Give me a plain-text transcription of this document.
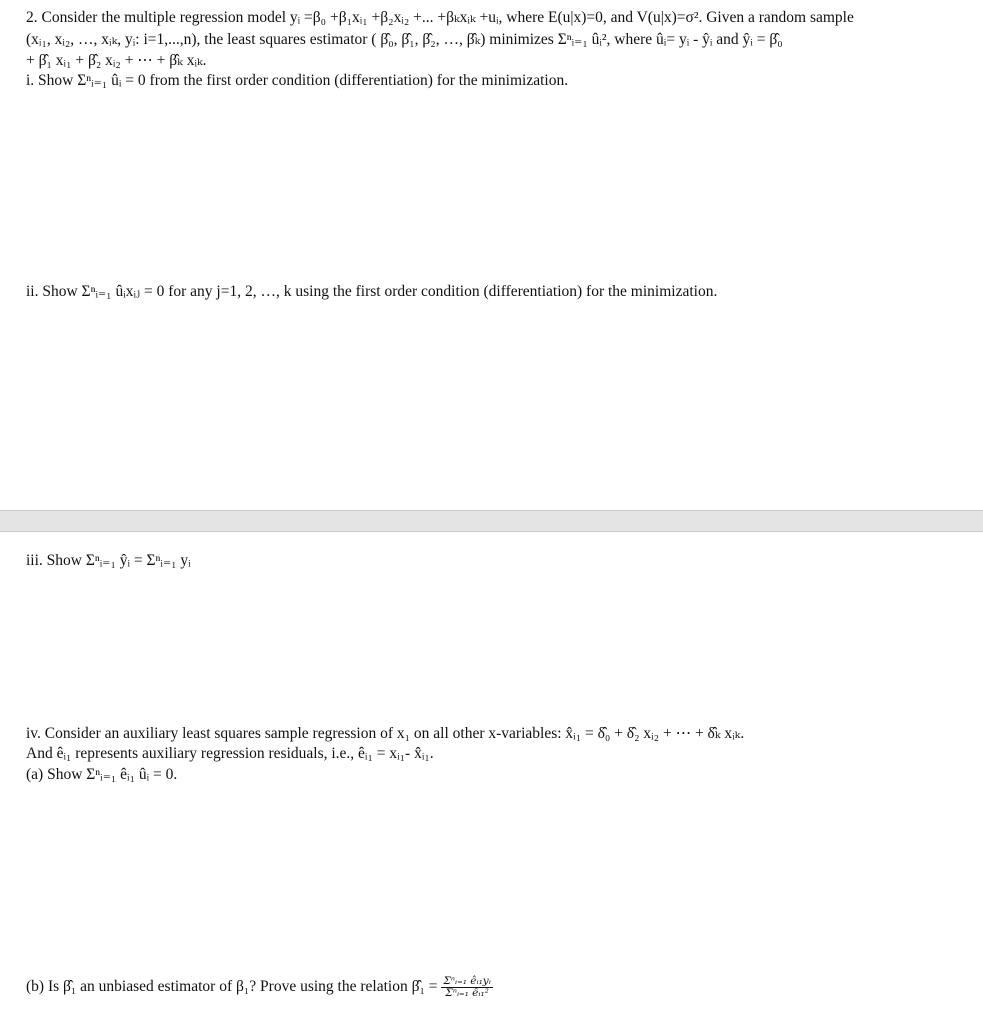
2. Consider the multiple regression model yᵢ =β₀ +β₁xᵢ₁ +β₂xᵢ₂ +... +βₖxᵢₖ +uᵢ, where E(u|x)=0, and V(u|x)=σ². Given a random sample
(xᵢ₁, xᵢ₂, …, xᵢₖ, yᵢ: i=1,...,n), the least squares estimator ( β̂₀, β̂₁, β̂₂, …, β̂ₖ) minimizes Σⁿᵢ₌₁ ûᵢ², where ûᵢ= yᵢ - ŷᵢ and ŷᵢ = β̂₀
+ β̂₁ xᵢ₁ + β̂₂ xᵢ₂ + ⋯ + β̂ₖ xᵢₖ.
i. Show Σⁿᵢ₌₁ ûᵢ = 0 from the first order condition (differentiation) for the minimization.
ii. Show Σⁿᵢ₌₁ ûᵢxᵢⱼ = 0 for any j=1, 2, …, k using the first order condition (differentiation) for the minimization.
iii. Show Σⁿᵢ₌₁ ŷᵢ = Σⁿᵢ₌₁ yᵢ
iv. Consider an auxiliary least squares sample regression of x₁ on all other x-variables: x̂ᵢ₁ = δ̂₀ + δ̂₂ xᵢ₂ + ⋯ + δ̂ₖ xᵢₖ.
And êᵢ₁ represents auxiliary regression residuals, i.e., êᵢ₁ = xᵢ₁- x̂ᵢ₁.
(a) Show Σⁿᵢ₌₁ êᵢ₁ ûᵢ = 0.
(b) Is β̂₁ an unbiased estimator of β₁? Prove using the relation β̂₁ = $\frac{\text{Σⁿᵢ₌₁ êᵢ₁yᵢ}}{\text{Σⁿᵢ₌₁ êᵢ₁²}}$
